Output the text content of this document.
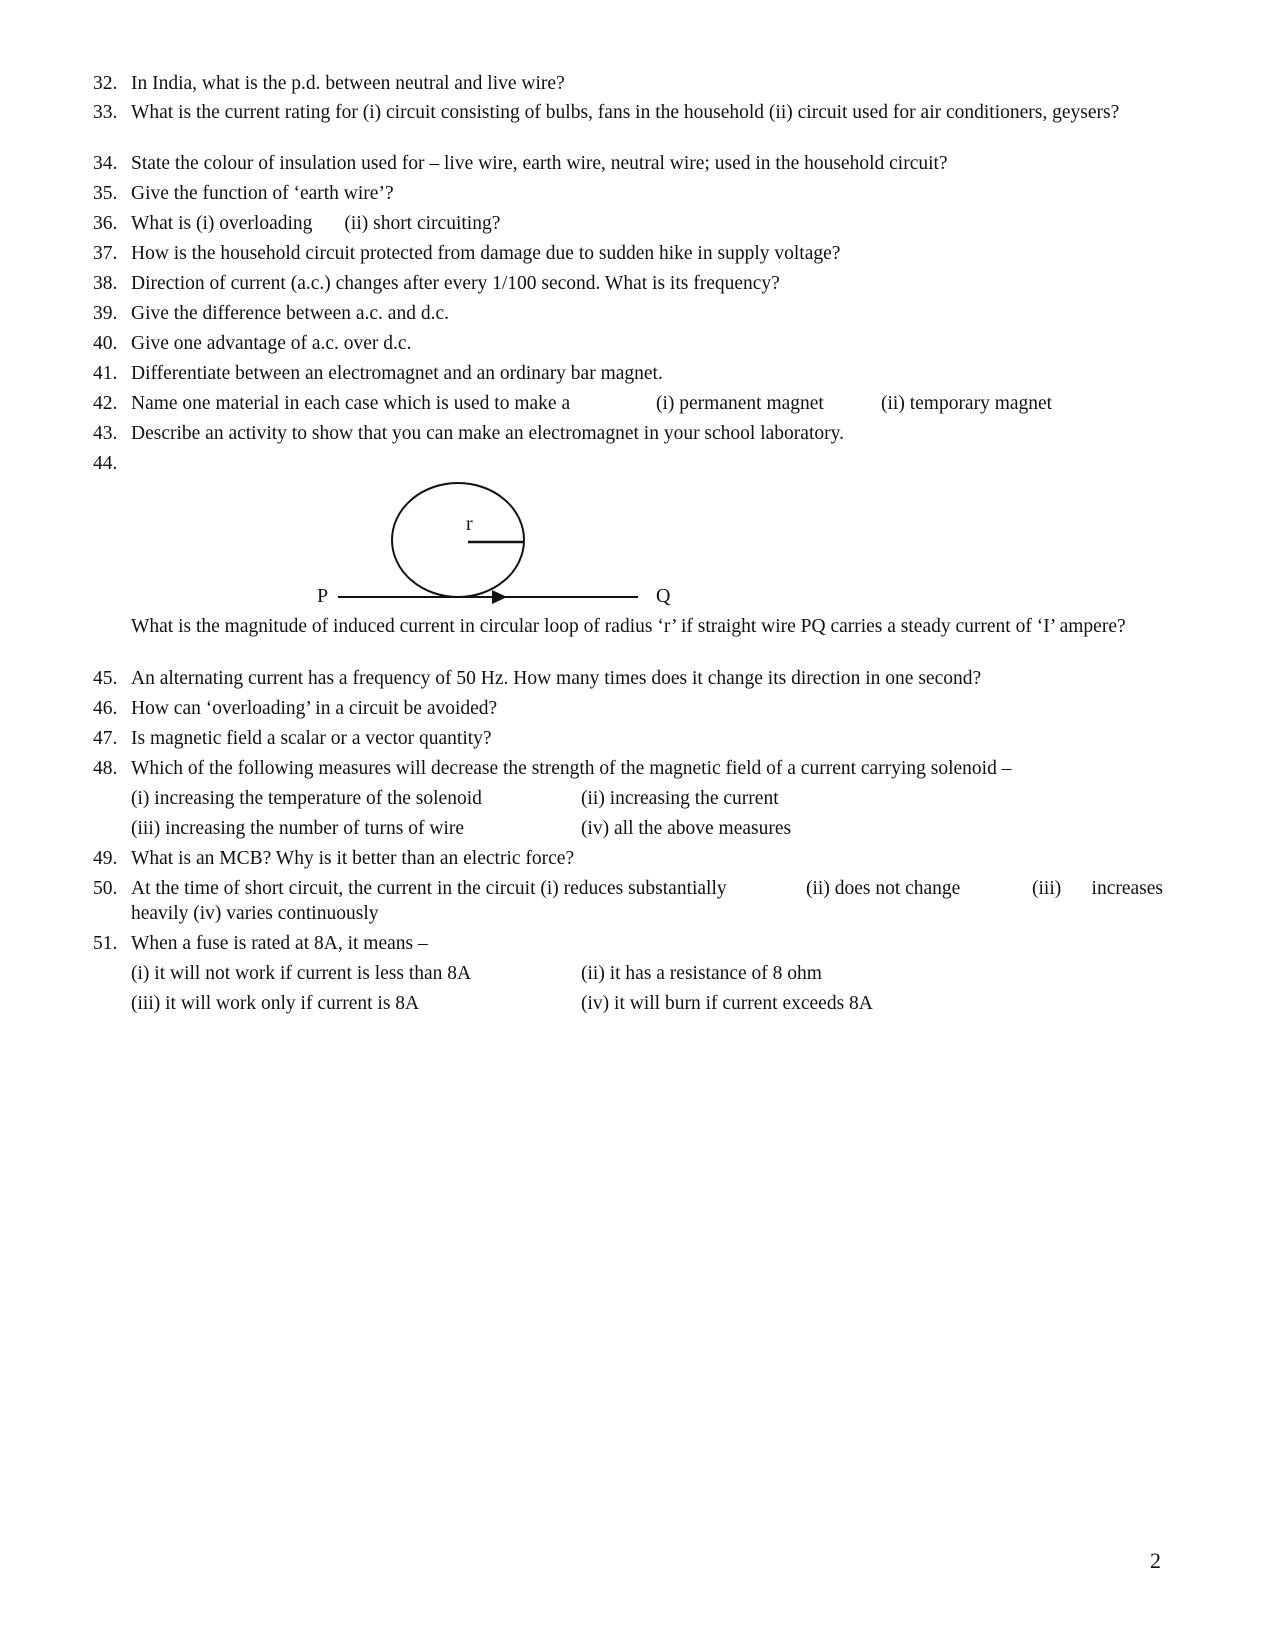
32. In India, what is the p.d. between neutral and live wire?
33. What is the current rating for (i) circuit consisting of bulbs, fans in the household (ii) circuit used for air conditioners, geysers?
34. State the colour of insulation used for – live wire, earth wire, neutral wire; used in the household circuit?
35. Give the function of ‘earth wire’?
36. What is (i) overloading (ii) short circuiting?
37. How is the household circuit protected from damage due to sudden hike in supply voltage?
38. Direction of current (a.c.) changes after every 1/100 second. What is its frequency?
39. Give the difference between a.c. and d.c.
40. Give one advantage of a.c. over d.c.
41. Differentiate between an electromagnet and an ordinary bar magnet.
42. Name one material in each case which is used to make a	(i) permanent magnet	(ii) temporary magnet
43. Describe an activity to show that you can make an electromagnet in your school laboratory.
44.
r
P	Q
What is the magnitude of induced current in circular loop of radius ‘r’ if straight wire PQ carries a steady current of ‘I’ ampere?
45. An alternating current has a frequency of 50 Hz. How many times does it change its direction in one second?
46. How can ‘overloading’ in a circuit be avoided?
47. Is magnetic field a scalar or a vector quantity?
48. Which of the following measures will decrease the strength of the magnetic field of a current carrying solenoid –
(i) increasing the temperature of the solenoid	(ii) increasing the current
(iii) increasing the number of turns of wire	(iv) all the above measures
49. What is an MCB? Why is it better than an electric force?
50. At the time of short circuit, the current in the circuit (i) reduces substantially	(ii) does not change	(iii) increases
heavily (iv) varies continuously
51. When a fuse is rated at 8A, it means –
(i) it will not work if current is less than 8A	(ii) it has a resistance of 8 ohm
(iii) it will work only if current is 8A	(iv) it will burn if current exceeds 8A
2
